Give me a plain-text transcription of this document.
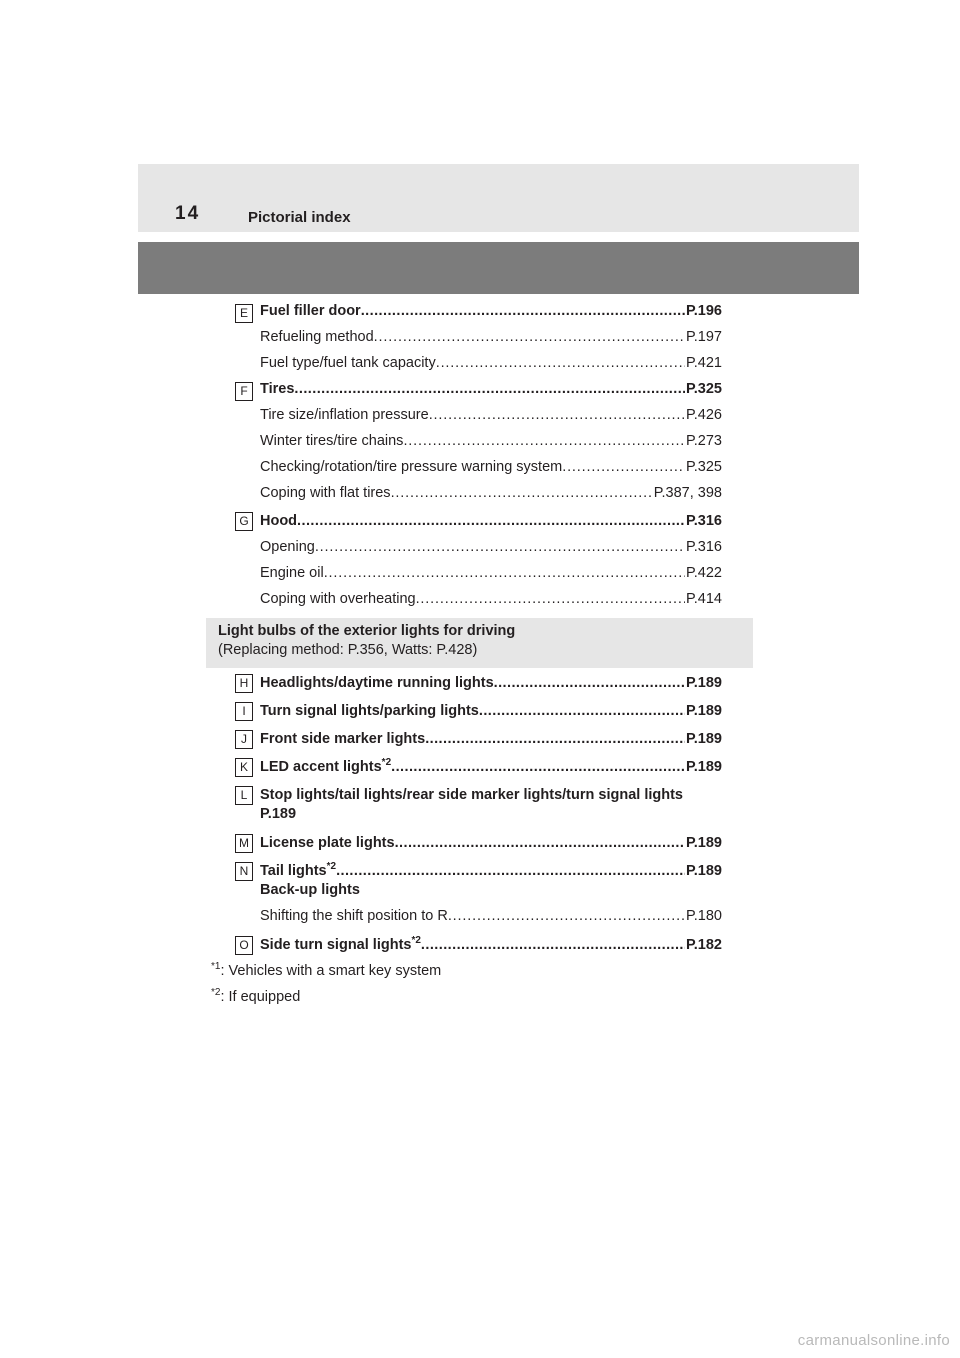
14	Pictorial index
E Fuel filler door . . .	P.196
Refueling method . . .	P.197
Fuel type/fuel tank capacity . . .	P.421
F Tires . . .	P.325
Tire size/inflation pressure . . .	P.426
Winter tires/tire chains . . .	P.273
Checking/rotation/tire pressure warning system . . .	P.325
Coping with flat tires . . .	P.387, 398
G Hood . . .	P.316
Opening . . .	P.316
Engine oil . . .	P.422
Coping with overheating . . .	P.414
Light bulbs of the exterior lights for driving
(Replacing method: P.356, Watts: P.428)
H Headlights/daytime running lights . . .	P.189
I Turn signal lights/parking lights . . .	P.189
J Front side marker lights . . .	P.189
K LED accent lights$^{*2}$ . . .	P.189
L Stop lights/tail lights/rear side marker lights/turn signal lights
P.189
M License plate lights . . .	P.189
N Tail lights$^{*2}$ . . .	P.189
Back-up lights
Shifting the shift position to R . . .	P.180
O Side turn signal lights$^{*2}$ . . .	P.182
$^{*1}$: Vehicles with a smart key system
$^{*2}$: If equipped
carmanualsonline.info
